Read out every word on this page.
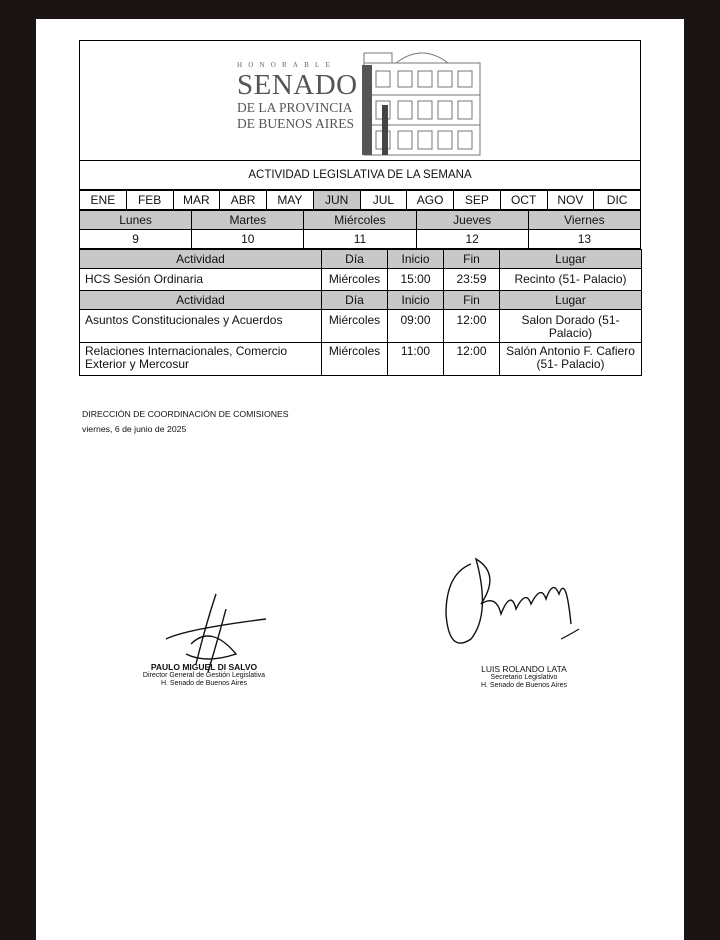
HONORABLE
SENADO
DE LA PROVINCIA
DE BUENOS AIRES
ACTIVIDAD LEGISLATIVA DE LA SEMANA
ENE	FEB	MAR	ABR	MAY	JUN	JUL	AGO	SEP	OCT	NOV	DIC
Lunes	Martes	Miércoles	Jueves	Viernes
9	10	11	12	13
Actividad	Día	Inicio	Fin	Lugar
HCS Sesión Ordinaria	Miércoles	15:00	23:59	Recinto (51- Palacio)
Actividad	Día	Inicio	Fin	Lugar
Asuntos Constitucionales y Acuerdos	Miércoles	09:00	12:00	Salon Dorado (51- Palacio)
Relaciones Internacionales, Comercio Exterior y Mercosur	Miércoles	11:00	12:00	Salón Antonio F. Cafiero (51- Palacio)
DIRECCIÓN DE COORDINACIÓN DE COMISIONES
viernes, 6 de junio de 2025
PAULO MIGUEL DI SALVO
Director General de Gestión Legislativa
H. Senado de Buenos Aires
LUIS ROLANDO LATA
Secretario Legislativo
H. Senado de Buenos Aires
